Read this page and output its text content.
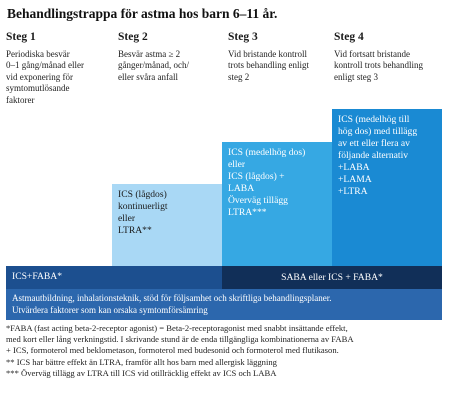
Behandlingstrappa för astma hos barn 6–11 år.
Steg 1
Periodiska besvär
0–1 gång/månad eller
vid exponering för
symtomutlösande
faktorer
Steg 2
Besvär astma ≥ 2
gånger/månad, och/
eller svåra anfall
Steg 3
Vid bristande kontroll
trots behandling enligt
steg 2
Steg 4
Vid fortsatt bristande
kontroll trots behandling
enligt steg 3
ICS (lågdos)
kontinuerligt
eller
LTRA**
ICS (medelhög dos)
eller
ICS (lågdos) +
LABA
Överväg tillägg
LTRA***
ICS (medelhög till
hög dos) med tillägg
av ett eller flera av
följande alternativ
+LABA
+LAMA
+LTRA
ICS+FABA*	SABA eller ICS + FABA*
Astmautbildning, inhalationsteknik, stöd för följsamhet och skriftliga behandlingsplaner.
Utvärdera faktorer som kan orsaka symtomförsämring
*FABA (fast acting beta-2-receptor agonist) = Beta-2-receptoragonist med snabbt insättande effekt,
med kort eller lång verkningstid. I skrivande stund är de enda tillgängliga kombinationerna av FABA
+ ICS, formoterol med beklometason, formoterol med budesonid och formoterol med flutikason.
** ICS har bättre effekt än LTRA, framför allt hos barn med allergisk läggning
*** Överväg tillägg av LTRA till ICS vid otillräcklig effekt av ICS och LABA
